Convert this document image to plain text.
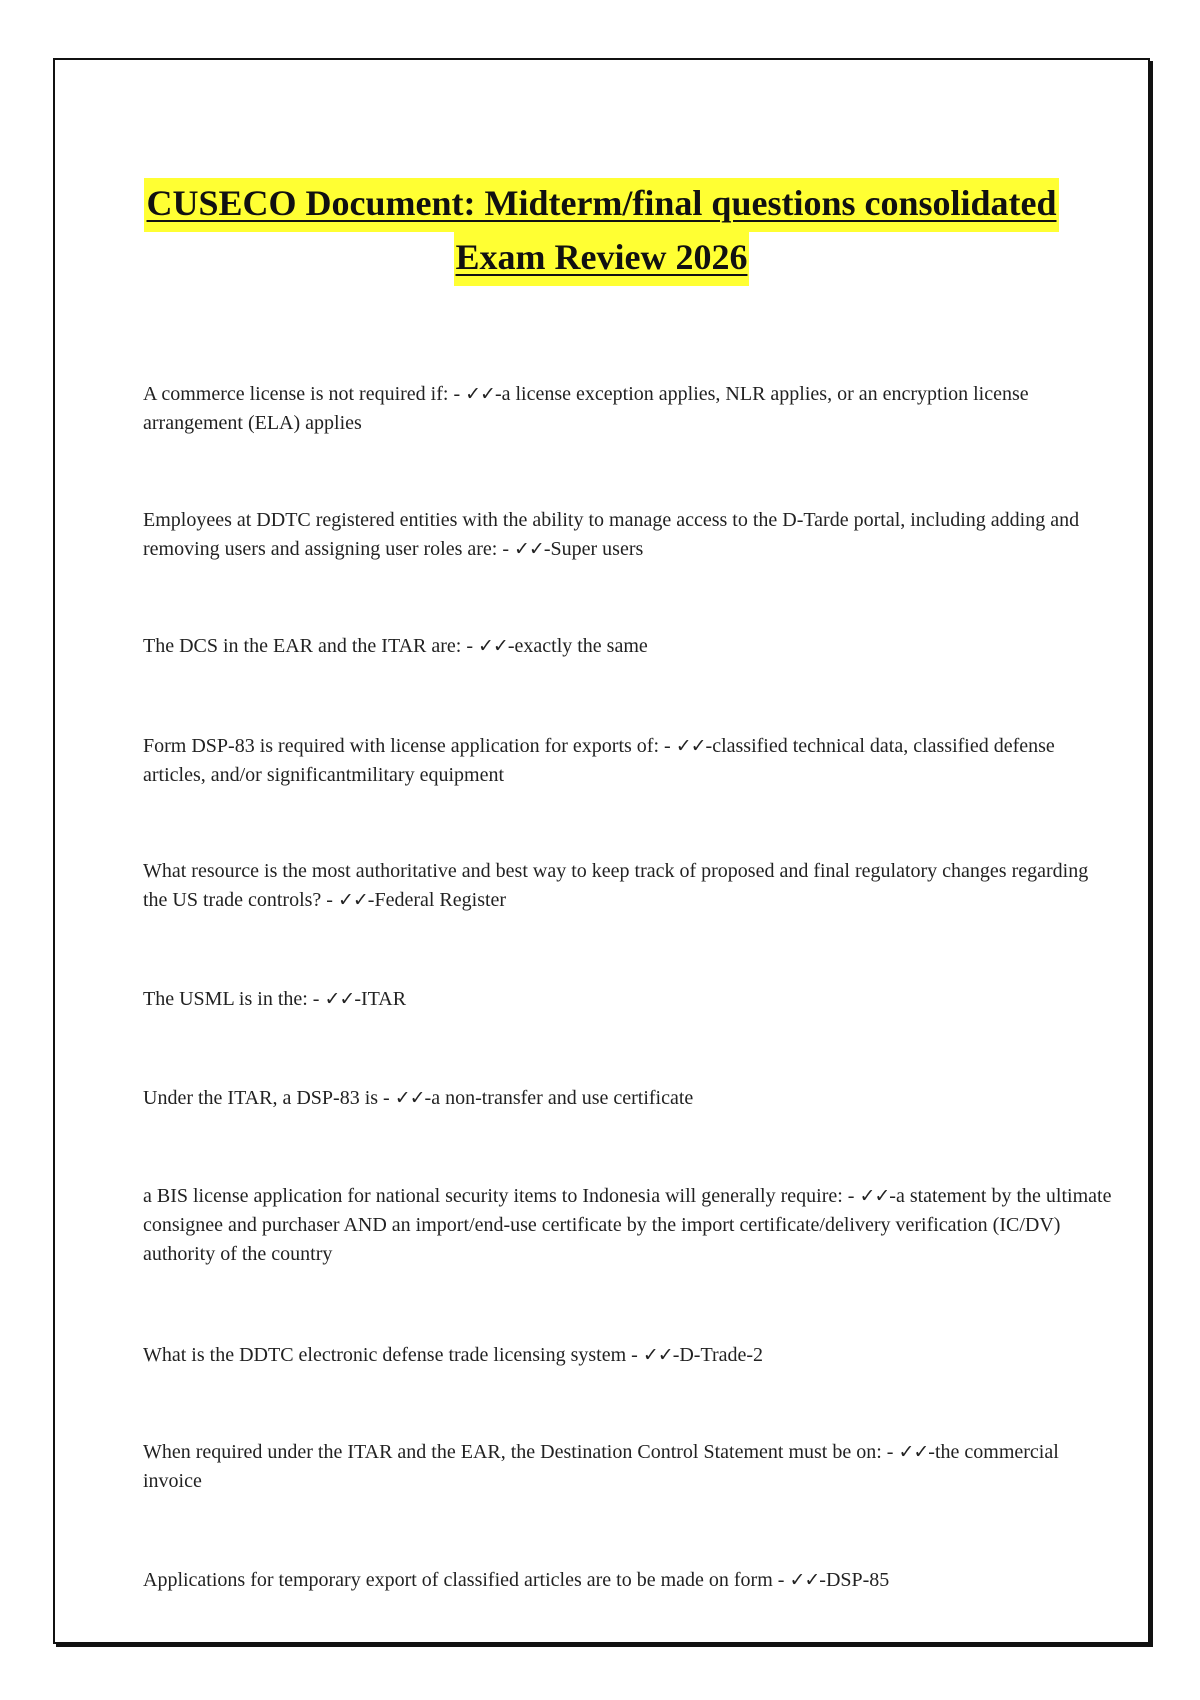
CUSECO Document: Midterm/final questions consolidated
Exam Review 2026
A commerce license is not required if: - ✓✓-a license exception applies, NLR applies, or an encryption license arrangement (ELA) applies
Employees at DDTC registered entities with the ability to manage access to the D-Tarde portal, including adding and removing users and assigning user roles are: - ✓✓-Super users
The DCS in the EAR and the ITAR are: - ✓✓-exactly the same
Form DSP-83 is required with license application for exports of: - ✓✓-classified technical data, classified defense articles, and/or significantmilitary equipment
What resource is the most authoritative and best way to keep track of proposed and final regulatory changes regarding the US trade controls? - ✓✓-Federal Register
The USML is in the: - ✓✓-ITAR
Under the ITAR, a DSP-83 is - ✓✓-a non-transfer and use certificate
a BIS license application for national security items to Indonesia will generally require: - ✓✓-a statement by the ultimate consignee and purchaser AND an import/end-use certificate by the import certificate/delivery verification (IC/DV) authority of the country
What is the DDTC electronic defense trade licensing system - ✓✓-D-Trade-2
When required under the ITAR and the EAR, the Destination Control Statement must be on: - ✓✓-the commercial invoice
Applications for temporary export of classified articles are to be made on form - ✓✓-DSP-85
